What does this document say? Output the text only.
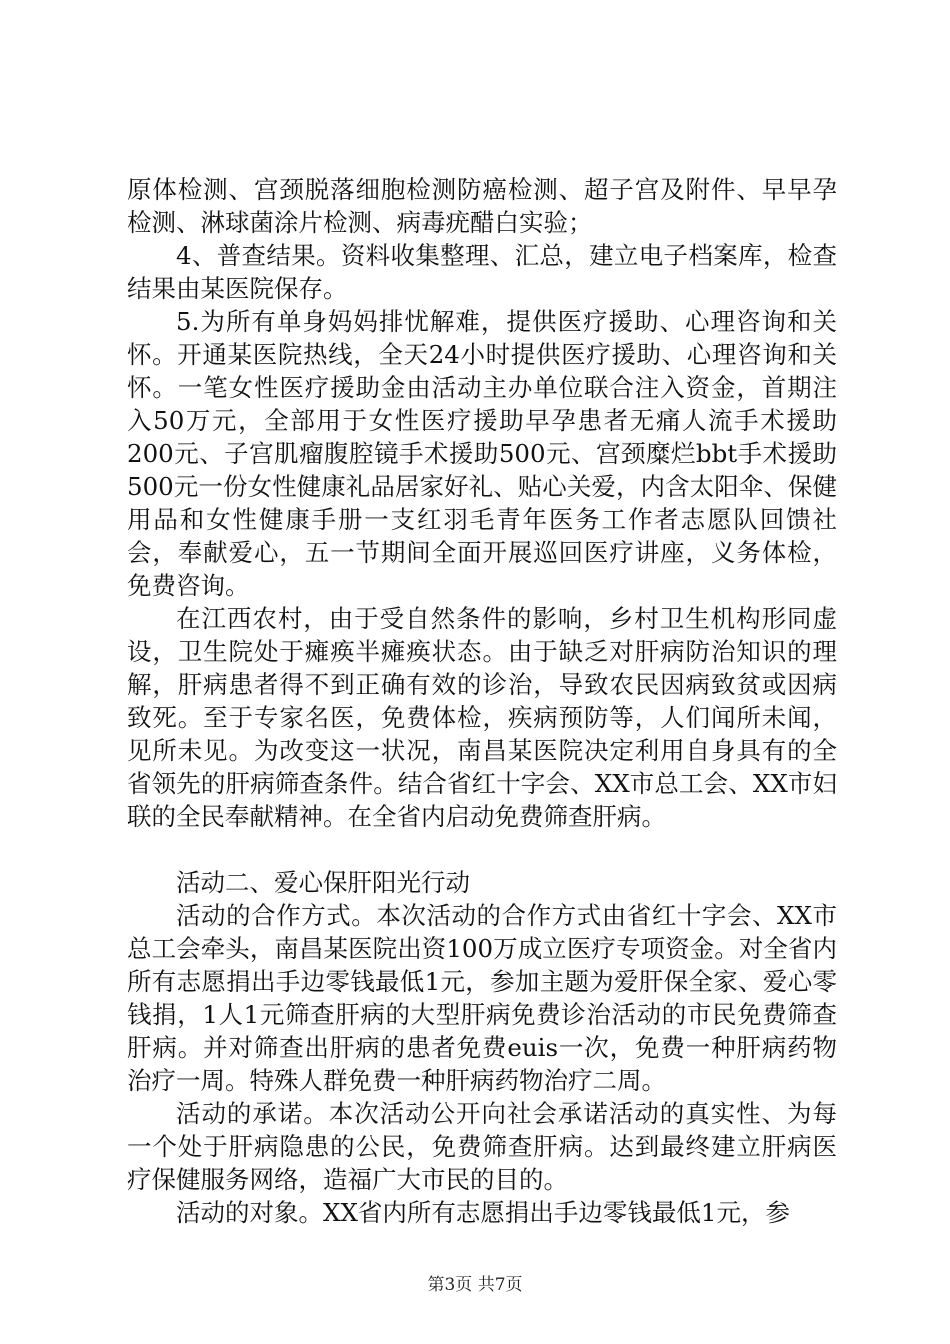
原体检测、宫颈脱落细胞检测防癌检测、超子宫及附件、早早孕检测、淋球菌涂片检测、病毒疣醋白实验；

4、普查结果。资料收集整理、汇总，建立电子档案库，检查结果由某医院保存。

5.为所有单身妈妈排忧解难，提供医疗援助、心理咨询和关怀。开通某医院热线，全天24小时提供医疗援助、心理咨询和关怀。一笔女性医疗援助金由活动主办单位联合注入资金，首期注入50万元，全部用于女性医疗援助早孕患者无痛人流手术援助200元、子宫肌瘤腹腔镜手术援助500元、宫颈糜烂bbt手术援助500元一份女性健康礼品居家好礼、贴心关爱，内含太阳伞、保健用品和女性健康手册一支红羽毛青年医务工作者志愿队回馈社会，奉献爱心，五一节期间全面开展巡回医疗讲座，义务体检，免费咨询。

在江西农村，由于受自然条件的影响，乡村卫生机构形同虚设，卫生院处于瘫痪半瘫痪状态。由于缺乏对肝病防治知识的理解，肝病患者得不到正确有效的诊治，导致农民因病致贫或因病致死。至于专家名医，免费体检，疾病预防等，人们闻所未闻，见所未见。为改变这一状况，南昌某医院决定利用自身具有的全省领先的肝病筛查条件。结合省红十字会、XX市总工会、XX市妇联的全民奉献精神。在全省内启动免费筛查肝病。

活动二、爱心保肝阳光行动

活动的合作方式。本次活动的合作方式由省红十字会、XX市总工会牵头，南昌某医院出资100万成立医疗专项资金。对全省内所有志愿捐出手边零钱最低1元，参加主题为爱肝保全家、爱心零钱捐，1人1元筛查肝病的大型肝病免费诊治活动的市民免费筛查肝病。并对筛查出肝病的患者免费euis一次，免费一种肝病药物治疗一周。特殊人群免费一种肝病药物治疗二周。

活动的承诺。本次活动公开向社会承诺活动的真实性、为每一个处于肝病隐患的公民，免费筛查肝病。达到最终建立肝病医疗保健服务网络，造福广大市民的目的。

活动的对象。XX省内所有志愿捐出手边零钱最低1元，参

第3页 共7页
